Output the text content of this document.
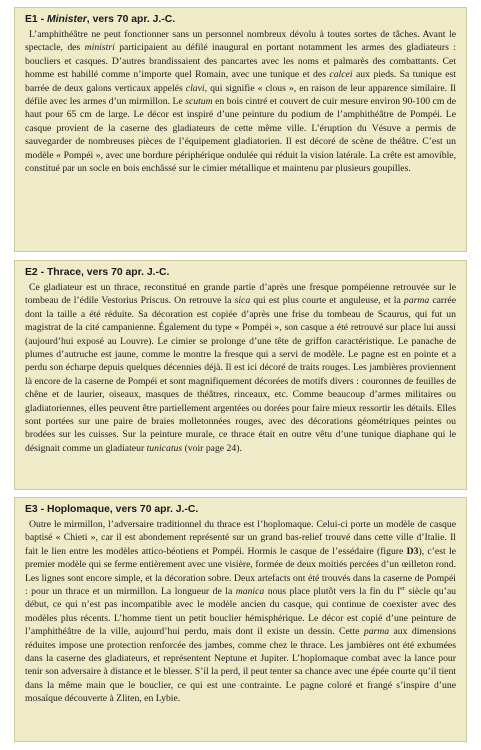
E1 - Minister, vers 70 apr. J.-C.

L’amphithéâtre ne peut fonctionner sans un personnel nombreux dévolu à toutes sortes de tâches. Avant le spectacle, des ministri participaient au défilé inaugural en portant notamment les armes des gladiateurs : boucliers et casques. D’autres brandissaient des pancartes avec les noms et palmarès des combattants. Cet homme est habillé comme n’importe quel Romain, avec une tunique et des calcei aux pieds. Sa tunique est barrée de deux galons verticaux appelés clavi, qui signifie « clous », en raison de leur apparence similaire. Il défile avec les armes d’un mirmillon. Le scutum en bois cintré et couvert de cuir mesure environ 90-100 cm de haut pour 65 cm de large. Le décor est inspiré d’une peinture du podium de l’amphithéâtre de Pompéi. Le casque provient de la caserne des gladiateurs de cette même ville. L’éruption du Vésuve a permis de sauvegarder de nombreuses pièces de l’équipement gladiatorien. Il est décoré de scène de théâtre. C’est un modèle « Pompéi », avec une bordure périphérique ondulée qui réduit la vision latérale. La crête est amovible, constitué par un socle en bois enchâssé sur le cimier métallique et maintenu par plusieurs goupilles.

E2 - Thrace, vers 70 apr. J.-C.

Ce gladiateur est un thrace, reconstitué en grande partie d’après une fresque pompéienne retrouvée sur le tombeau de l’édile Vestorius Priscus. On retrouve la sica qui est plus courte et anguleuse, et la parma carrée dont la taille a été réduite. Sa décoration est copiée d’après une frise du tombeau de Scaurus, qui fut un magistrat de la cité campanienne. Également du type « Pompéi », son casque a été retrouvé sur place lui aussi (aujourd’hui exposé au Louvre). Le cimier se prolonge d’une tête de griffon caractéristique. Le panache de plumes d’autruche est jaune, comme le montre la fresque qui a servi de modèle. Le pagne est en pointe et a perdu son écharpe depuis quelques décennies déjà. Il est ici décoré de traits rouges. Les jambières proviennent là encore de la caserne de Pompéi et sont magnifiquement décorées de motifs divers : couronnes de feuilles de chêne et de laurier, oiseaux, masques de théâtres, rinceaux, etc. Comme beaucoup d’armes militaires ou gladiatoriennes, elles peuvent être partiellement argentées ou dorées pour faire mieux ressortir les détails. Elles sont portées sur une paire de braies molletonnées rouges, avec des décorations géométriques peintes ou brodées sur les cuisses. Sur la peinture murale, ce thrace était en outre vêtu d’une tunique diaphane qui le désignait comme un gladiateur tunicatus (voir page 24).

E3 - Hoplomaque, vers 70 apr. J.-C.

Outre le mirmillon, l’adversaire traditionnel du thrace est l’hoplomaque. Celui-ci porte un modèle de casque baptisé « Chieti », car il est abondement représenté sur un grand bas-relief trouvé dans cette ville d’Italie. Il fait le lien entre les modèles attico-béotiens et Pompéi. Hormis le casque de l’essédaire (figure D3), c’est le premier modèle qui se ferme entièrement avec une visière, formée de deux moitiés percées d’un œilleton rond. Les lignes sont encore simple, et la décoration sobre. Deux artefacts ont été trouvés dans la caserne de Pompéi : pour un thrace et un mirmillon. La longueur de la manica nous place plutôt vers la fin du Ier siècle qu’au début, ce qui n’est pas incompatible avec le modèle ancien du casque, qui continue de coexister avec des modèles plus récents. L’homme tient un petit bouclier hémisphérique. Le décor est copié d’une peinture de l’amphithéâtre de la ville, aujourd’hui perdu, mais dont il existe un dessin. Cette parma aux dimensions réduites impose une protection renforcée des jambes, comme chez le thrace. Les jambières ont été exhumées dans la caserne des gladiateurs, et représentent Neptune et Jupiter. L’hoplomaque combat avec la lance pour tenir son adversaire à distance et le blesser. S’il la perd, il peut tenter sa chance avec une épée courte qu’il tient dans la même main que le bouclier, ce qui est une contrainte. Le pagne coloré et frangé s’inspire d’une mosaïque découverte à Zliten, en Lybie.
